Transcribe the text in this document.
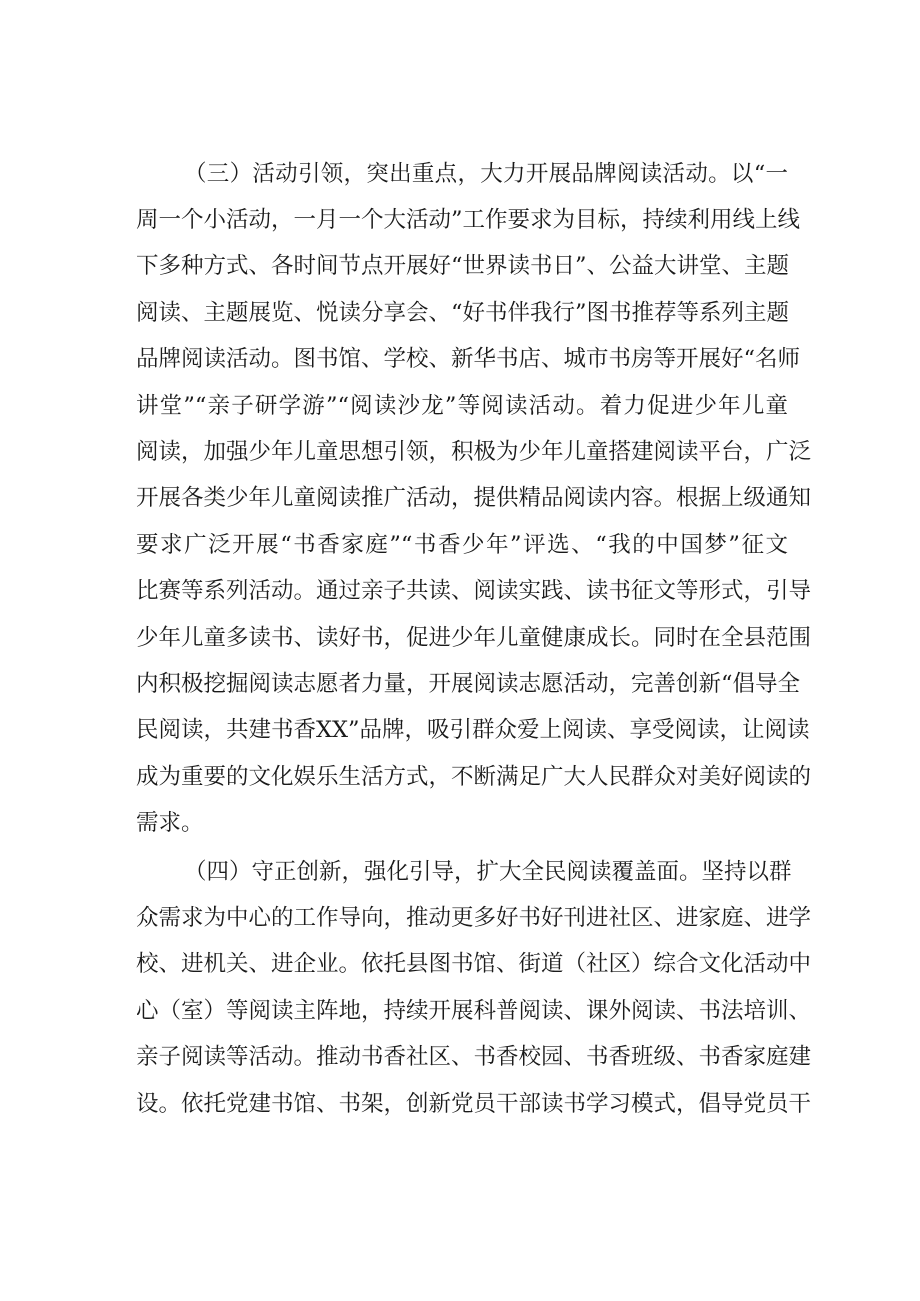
（三）活动引领，突出重点，大力开展品牌阅读活动。以“一

周一个小活动，一月一个大活动”工作要求为目标，持续利用线上线

下多种方式、各时间节点开展好“世界读书日”、公益大讲堂、主题

阅读、主题展览、悦读分享会、“好书伴我行”图书推荐等系列主题

品牌阅读活动。图书馆、学校、新华书店、城市书房等开展好“名师

讲堂”“亲子研学游”“阅读沙龙”等阅读活动。着力促进少年儿童

阅读，加强少年儿童思想引领，积极为少年儿童搭建阅读平台，广泛

开展各类少年儿童阅读推广活动，提供精品阅读内容。根据上级通知

要求广泛开展“书香家庭”“书香少年”评选、“我的中国梦”征文

比赛等系列活动。通过亲子共读、阅读实践、读书征文等形式，引导

少年儿童多读书、读好书，促进少年儿童健康成长。同时在全县范围

内积极挖掘阅读志愿者力量，开展阅读志愿活动，完善创新“倡导全

民阅读，共建书香XX”品牌，吸引群众爱上阅读、享受阅读，让阅读

成为重要的文化娱乐生活方式，不断满足广大人民群众对美好阅读的

需求。

（四）守正创新，强化引导，扩大全民阅读覆盖面。坚持以群

众需求为中心的工作导向，推动更多好书好刊进社区、进家庭、进学

校、进机关、进企业。依托县图书馆、街道（社区）综合文化活动中

心（室）等阅读主阵地，持续开展科普阅读、课外阅读、书法培训、

亲子阅读等活动。推动书香社区、书香校园、书香班级、书香家庭建

设。依托党建书馆、书架，创新党员干部读书学习模式，倡导党员干
